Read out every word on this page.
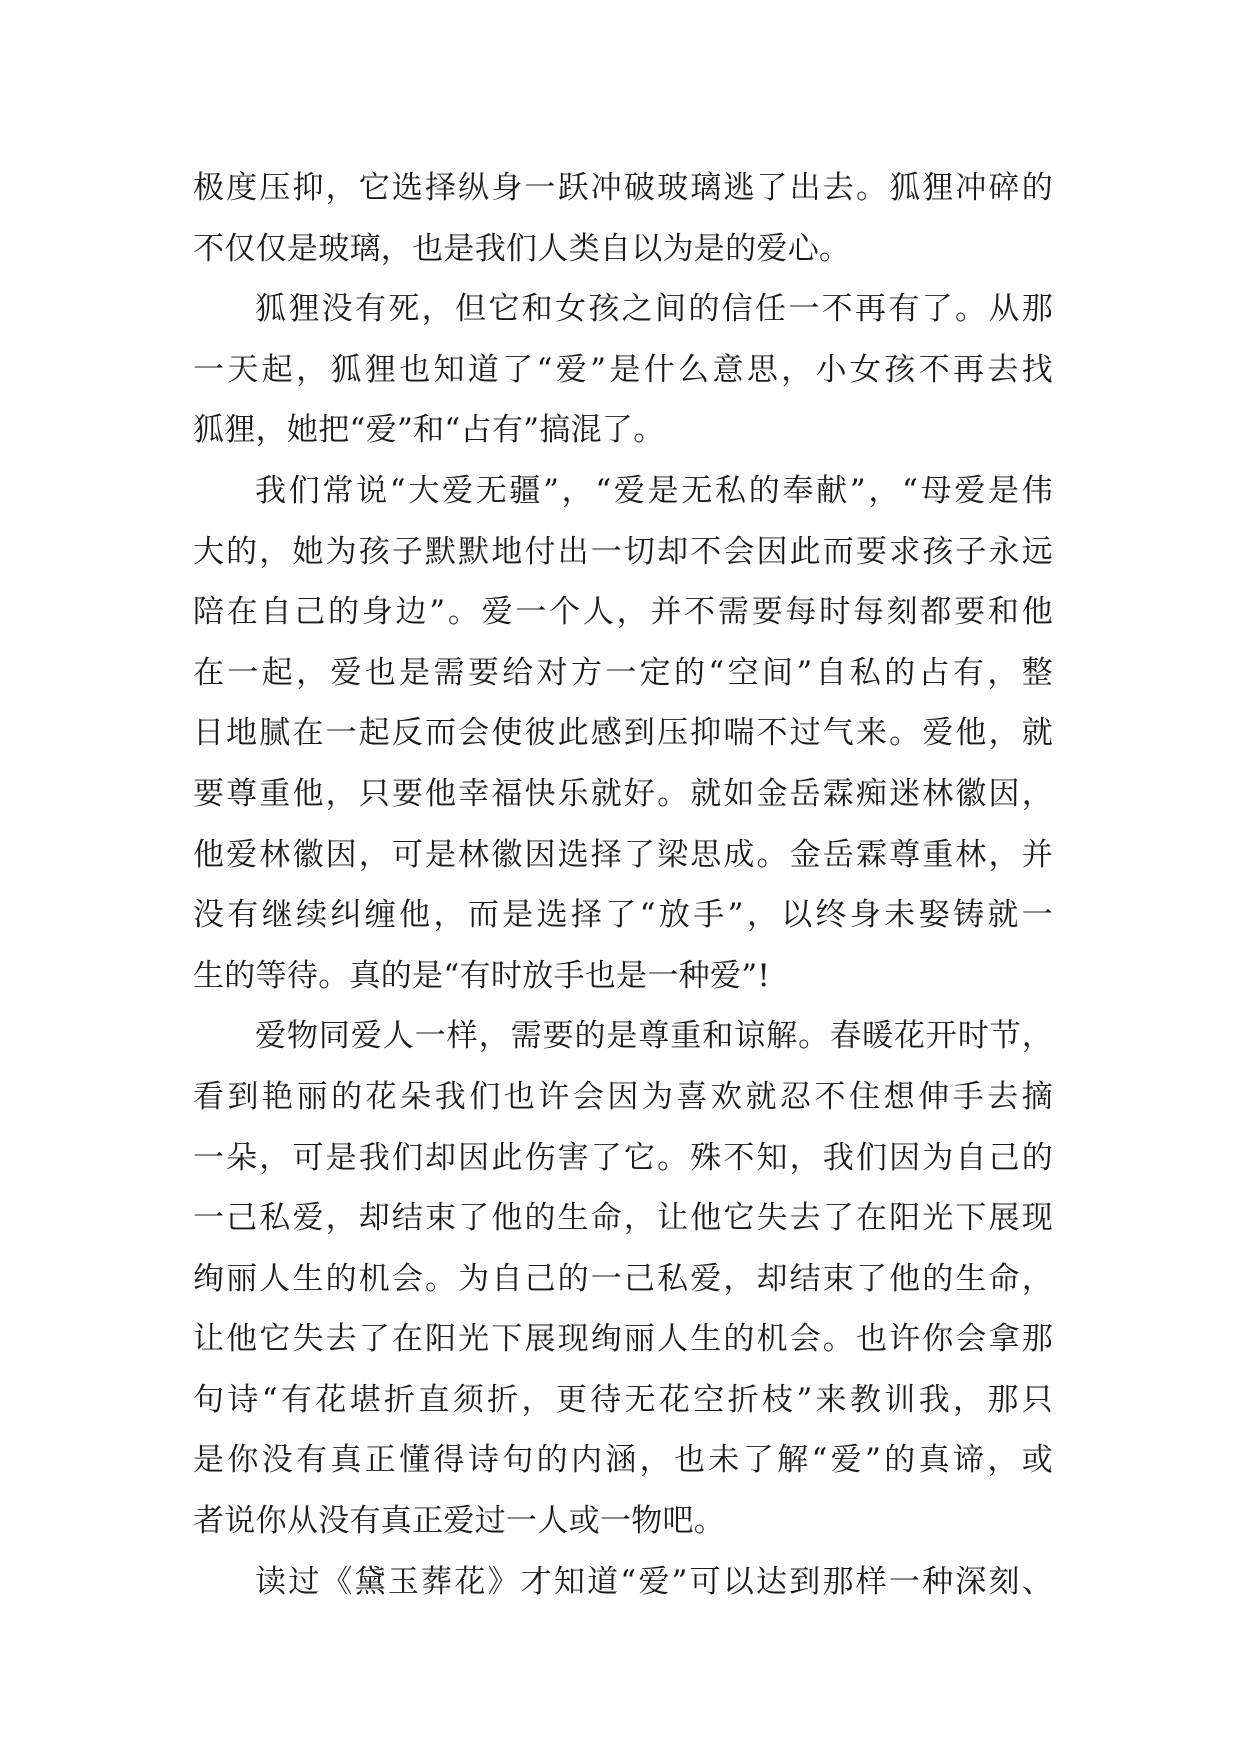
极度压抑，它选择纵身一跃冲破玻璃逃了出去。狐狸冲碎的
不仅仅是玻璃，也是我们人类自以为是的爱心。
狐狸没有死，但它和女孩之间的信任一不再有了。从那
一天起，狐狸也知道了“爱”是什么意思，小女孩不再去找
狐狸，她把“爱”和“占有”搞混了。
我们常说“大爱无疆”，“爱是无私的奉献”，“母爱是伟
大的，她为孩子默默地付出一切却不会因此而要求孩子永远
陪在自己的身边”。爱一个人，并不需要每时每刻都要和他
在一起，爱也是需要给对方一定的“空间”自私的占有，整
日地腻在一起反而会使彼此感到压抑喘不过气来。爱他，就
要尊重他，只要他幸福快乐就好。就如金岳霖痴迷林徽因，
他爱林徽因，可是林徽因选择了梁思成。金岳霖尊重林，并
没有继续纠缠他，而是选择了“放手”，以终身未娶铸就一
生的等待。真的是“有时放手也是一种爱”!
爱物同爱人一样，需要的是尊重和谅解。春暖花开时节，
看到艳丽的花朵我们也许会因为喜欢就忍不住想伸手去摘
一朵，可是我们却因此伤害了它。殊不知，我们因为自己的
一己私爱，却结束了他的生命，让他它失去了在阳光下展现
绚丽人生的机会。为自己的一己私爱，却结束了他的生命，
让他它失去了在阳光下展现绚丽人生的机会。也许你会拿那
句诗“有花堪折直须折，更待无花空折枝”来教训我，那只
是你没有真正懂得诗句的内涵，也未了解“爱”的真谛，或
者说你从没有真正爱过一人或一物吧。
读过《黛玉葬花》才知道“爱”可以达到那样一种深刻、
